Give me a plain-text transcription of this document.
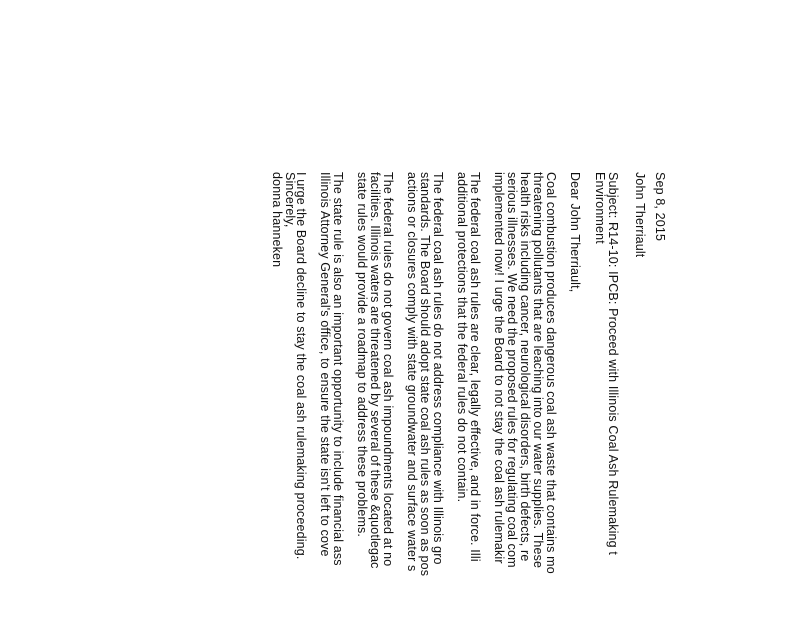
Sep 8, 2015
John Therriault
Subject: R14-10: IPCB: Proceed with Illinois Coal Ash Rulemaking t
Environment
Dear John Therriault,
Coal combustion produces dangerous coal ash waste that contains mo
threatening pollutants that are leaching into our water supplies. These
health risks including cancer, neurological disorders, birth defects, re
serious illnesses. We need the proposed rules for regulating coal com
implemented now! I urge the Board to not stay the coal ash rulemakir
The federal coal ash rules are clear, legally effective, and in force. Illi
additional protections that the federal rules do not contain.
The federal coal ash rules do not address compliance with Illinois gro
standards. The Board should adopt state coal ash rules as soon as pos
actions or closures comply with state groundwater and surface water s
The federal rules do not govern coal ash impoundments located at no
facilities. Illinois waters are threatened by several of these &quotlegac
state rules would provide a roadmap to address these problems.
The state rule is also an important opportunity to include financial ass
Illinois Attorney General's office, to ensure the state isn't left to cove
I urge the Board decline to stay the coal ash rulemaking proceeding.
Sincerely,
donna hanneken
